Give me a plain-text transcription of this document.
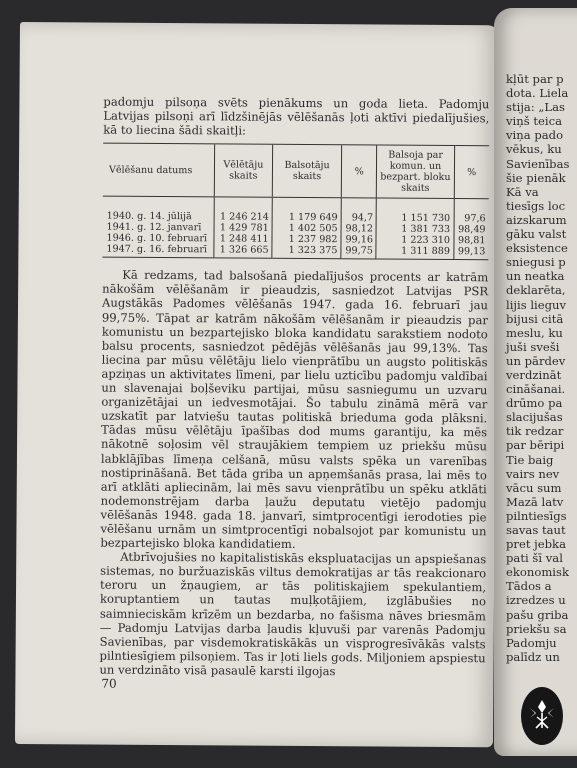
padomju pilsoņa svēts pienākums un goda lieta. Padomju Latvijas pilsoņi arī līdzšinējās vēlēšanās ļoti aktīvi piedalījušies, kā to liecina šādi skaitļi:

Vēlēšanu datums	Vēlētāju skaits	Balsotāju skaits	%	Balsoja par komun. un bezpart. bloku skaits	%
1940. g. 14. jūlijā	1 246 214	1 179 649	94,7	1 151 730	97,6
1941. g. 12. janvarī	1 429 781	1 402 505	98,12	1 381 733	98,49
1946. g. 10. februarī	1 248 411	1 237 982	99,16	1 223 310	98,81
1947. g. 16. februarī	1 326 665	1 323 375	99,75	1 311 889	99,13

Kā redzams, tad balsošanā piedalījušos procents ar katrām nākošām vēlēšanām ir pieaudzis, sasniedzot Latvijas PSR Augstākās Padomes vēlēšanās 1947. gada 16. februarī jau 99,75%. Tāpat ar katrām nākošām vēlēšanām ir pieaudzis par komunistu un bezpartejisko bloka kandidatu sarakstiem nodoto balsu procents, sasniedzot pēdējās vēlēšanās jau 99,13%. Tas liecina par mūsu vēlētāju lielo vienprātību un augsto politiskās apziņas un aktivitates līmeni, par lielu uzticību padomju valdībai un slavenajai boļševiku partijai, mūsu sasniegumu un uzvaru organizētājai un iedvesmotājai. Šo tabulu zināmā mērā var uzskatīt par latviešu tautas politiskā brieduma goda plāksni. Tādas mūsu vēlētāju īpašības dod mums garantiju, ka mēs nākotnē soļosim vēl straujākiem tempiem uz priekšu mūsu labklājības līmeņa celšanā, mūsu valsts spēka un varenības nostiprināšanā. Bet tāda griba un apņemšanās prasa, lai mēs to arī atklāti apliecinām, lai mēs savu vienprātību un spēku atklāti nodemonstrējam darba ļaužu deputatu vietējo padomju vēlēšanās 1948. gada 18. janvarī, simtprocentīgi ierodoties pie vēlēšanu urnām un simtprocentīgi nobalsojot par komunistu un bezpartejisko bloka kandidatiem.

Atbrīvojušies no kapitalistiskās ekspluatacijas un apspiešanas sistemas, no buržuaziskās viltus demokratijas ar tās reakcionaro teroru un žņaugiem, ar tās politiskajiem spekulantiem, koruptantiem un tautas muļķotājiem, izglābušies no saimnieciskām krīzēm un bezdarba, no fašisma nāves briesmām — Padomju Latvijas darba ļaudis kļuvuši par varenās Padomju Savienības, par visdemokratiskākās un visprogresīvākās valsts pilntiesīgiem pilsoņiem. Tas ir ļoti liels gods. Miljoniem apspiestu un verdzināto visā pasaulē karsti ilgojas

70
kļūt par p
dota. Liela
stija: „Las
viņš teica
viņa pado
vēkus, ku
Savienības
šie pienāk
Kā va
tiesīgs loc
aizskarum
gāku valst
eksistence
sniegusi p
un neatka
deklarēta,
lijis lieguv
bijusi citā
meslu, ku
juši sveši
un pārdev
verdzināt
cināšanai.
drūmo pa
slacijušas
tik redzar
par bēripi
Tie baig
vairs nev
vācu sum
Mazā latv
pilntiesīgs
savas taut
pret jebka
pati šī val
ekonomisk
Tādos a
izredzes u
pašu griba
priekšu sa
Padomju
palīdz un
